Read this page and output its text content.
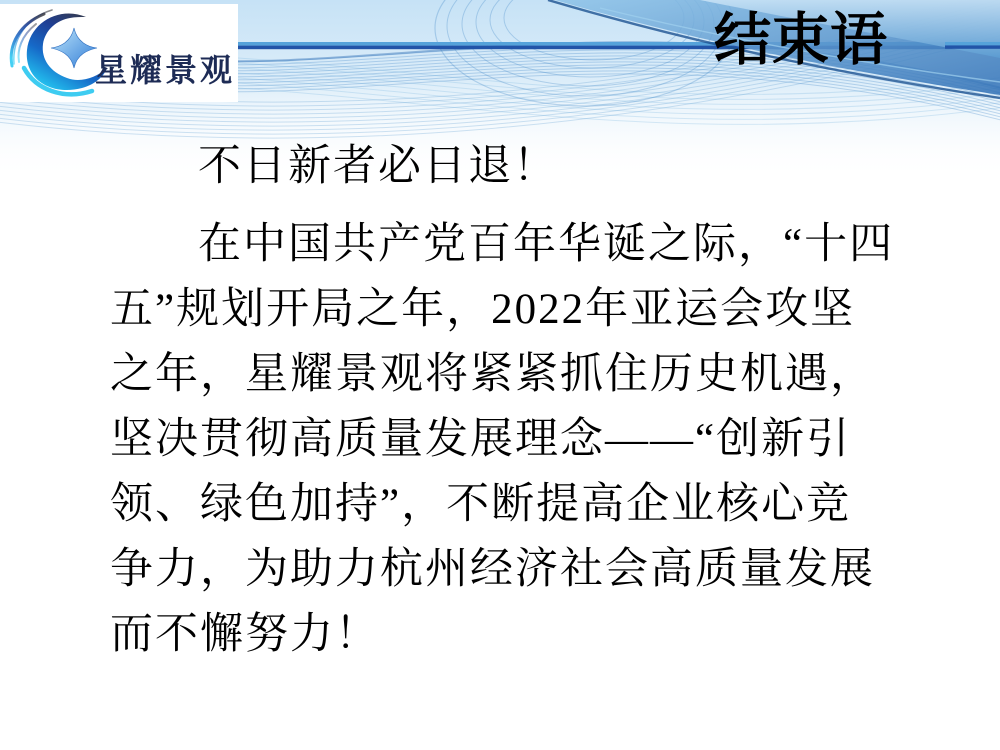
星耀景观	结束语
不日新者必日退！
在中国共产党百年华诞之际，“十四
五”规划开局之年，2022年亚运会攻坚
之年，星耀景观将紧紧抓住历史机遇，
坚决贯彻高质量发展理念——“创新引
领、绿色加持”，不断提高企业核心竞
争力，为助力杭州经济社会高质量发展
而不懈努力！
